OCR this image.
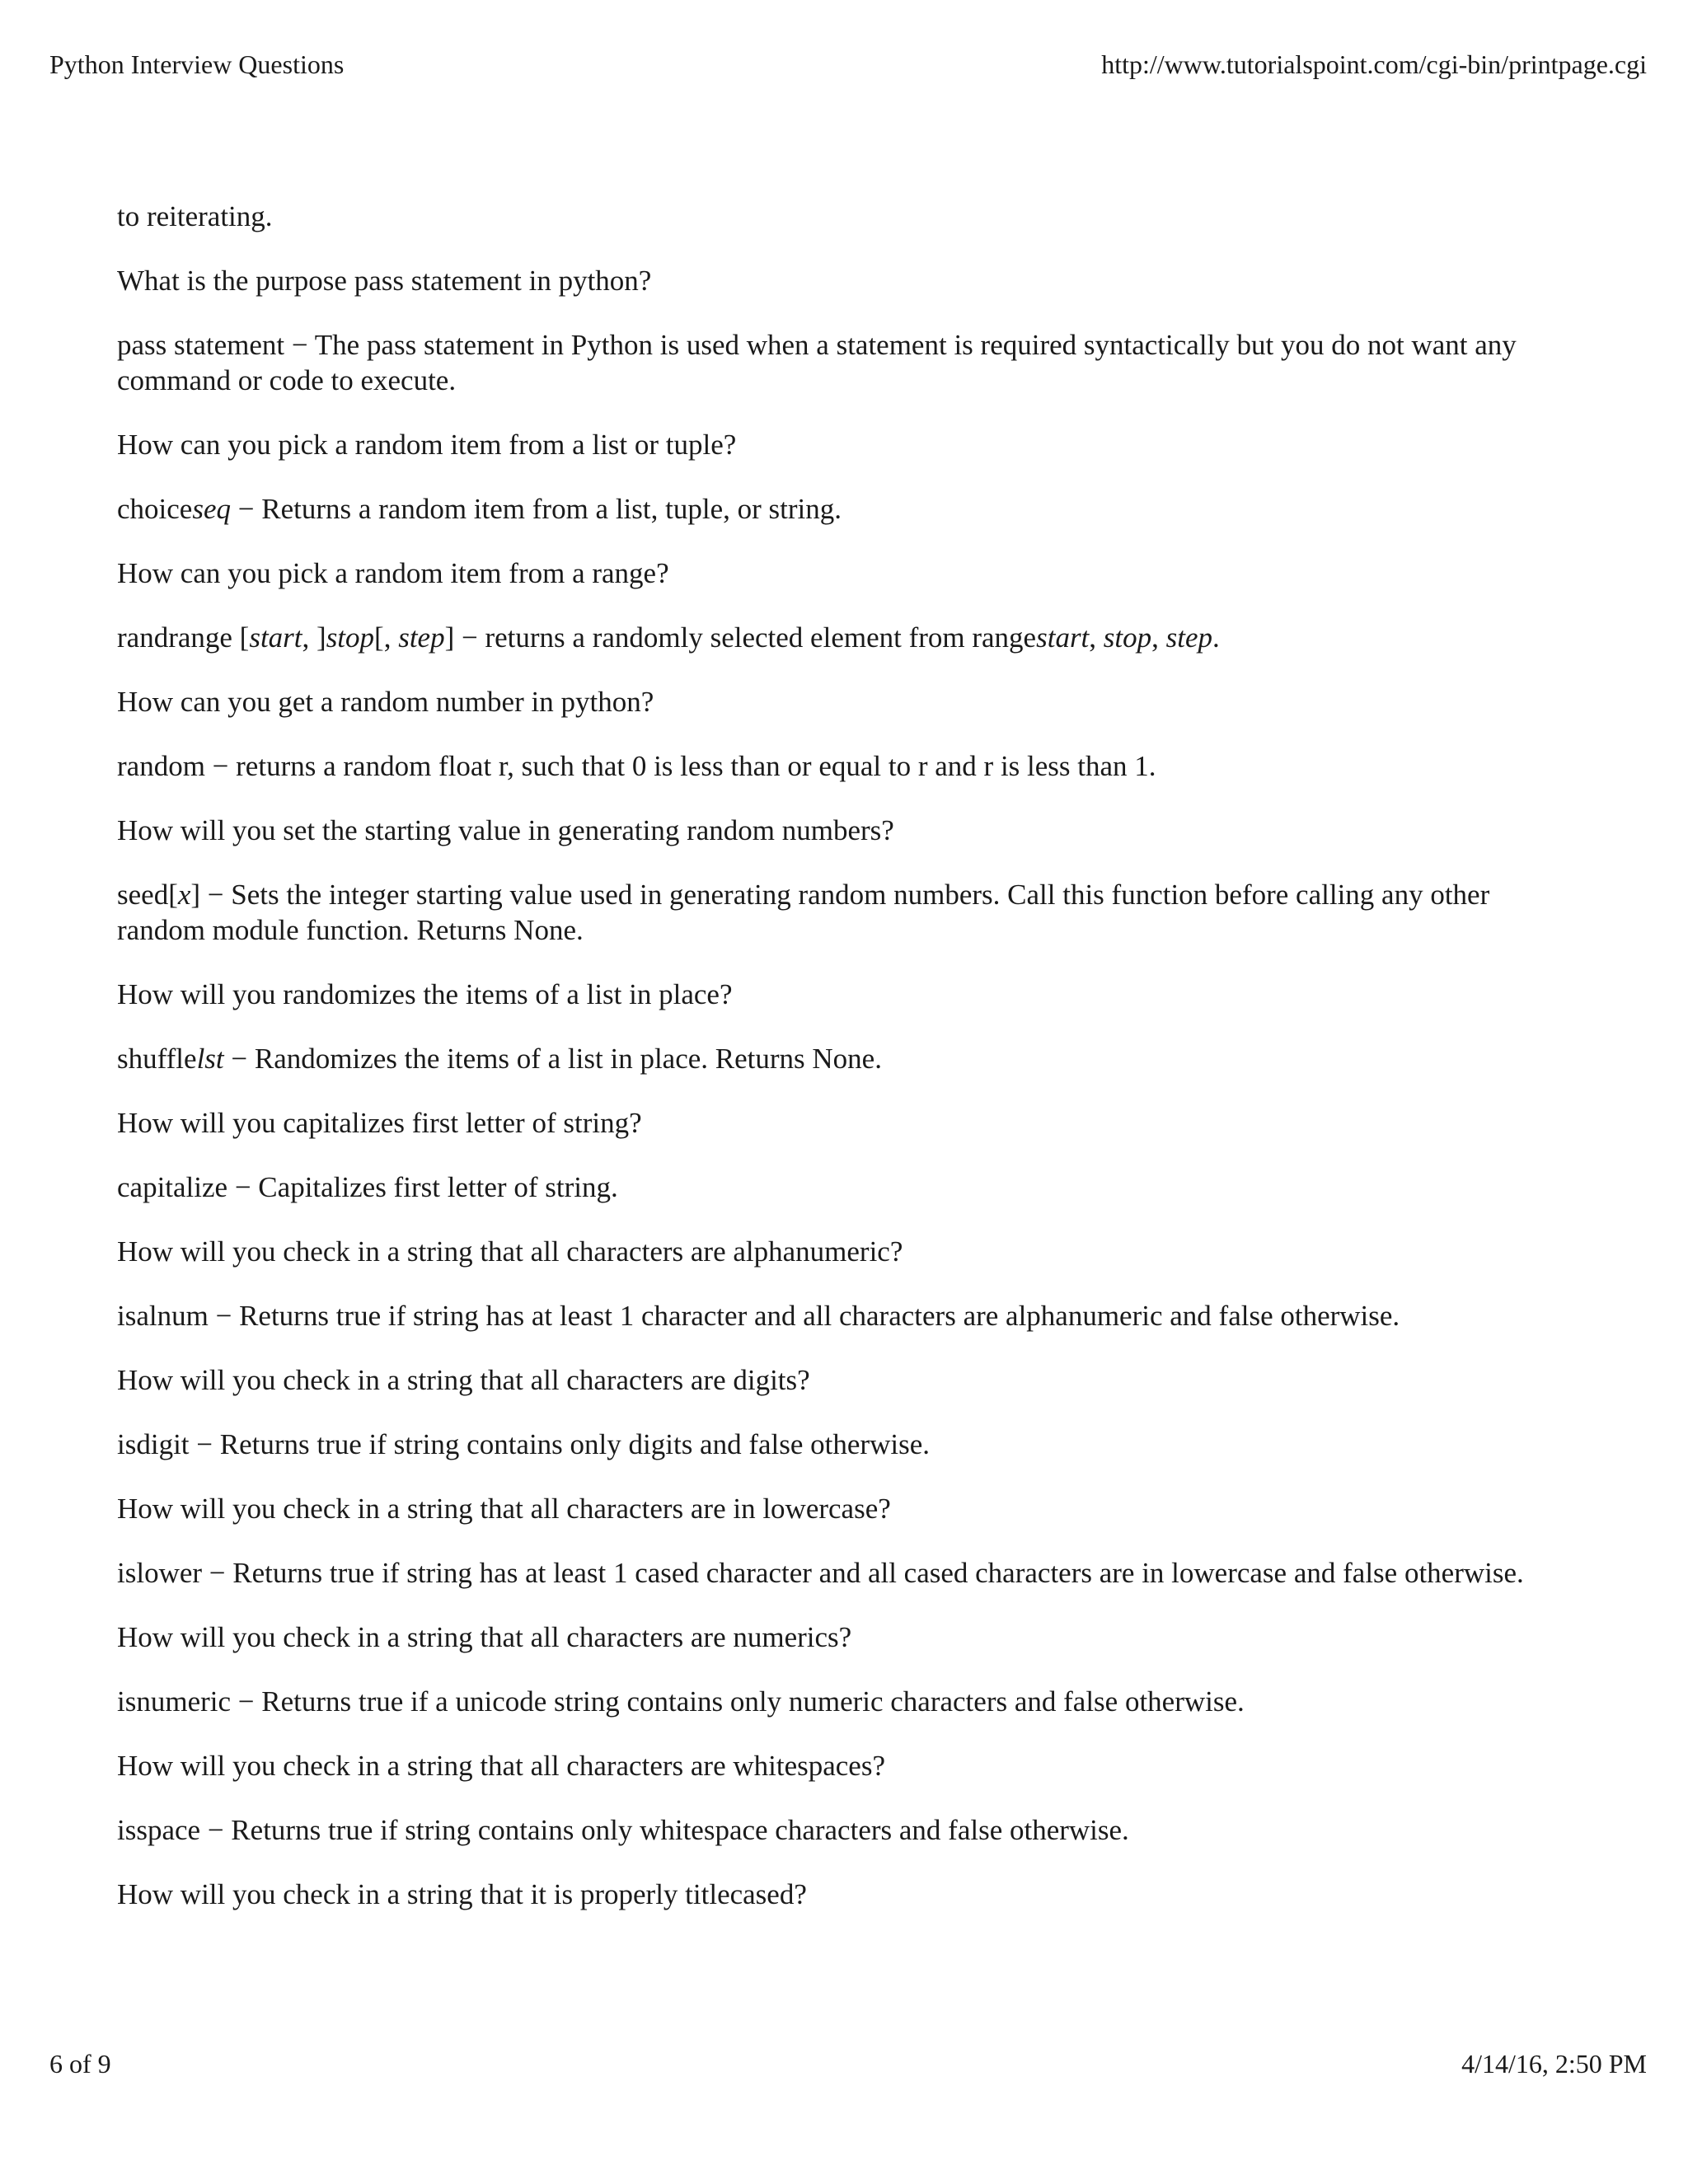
Python Interview Questions	http://www.tutorialspoint.com/cgi-bin/printpage.cgi

to reiterating.

What is the purpose pass statement in python?

pass statement − The pass statement in Python is used when a statement is required syntactically but you do not want any command or code to execute.

How can you pick a random item from a list or tuple?

choiceseq − Returns a random item from a list, tuple, or string.

How can you pick a random item from a range?

randrange [start, ]stop[, step] − returns a randomly selected element from rangestart, stop, step.

How can you get a random number in python?

random − returns a random float r, such that 0 is less than or equal to r and r is less than 1.

How will you set the starting value in generating random numbers?

seed[x] − Sets the integer starting value used in generating random numbers. Call this function before calling any other random module function. Returns None.

How will you randomizes the items of a list in place?

shufflelst − Randomizes the items of a list in place. Returns None.

How will you capitalizes first letter of string?

capitalize − Capitalizes first letter of string.

How will you check in a string that all characters are alphanumeric?

isalnum − Returns true if string has at least 1 character and all characters are alphanumeric and false otherwise.

How will you check in a string that all characters are digits?

isdigit − Returns true if string contains only digits and false otherwise.

How will you check in a string that all characters are in lowercase?

islower − Returns true if string has at least 1 cased character and all cased characters are in lowercase and false otherwise.

How will you check in a string that all characters are numerics?

isnumeric − Returns true if a unicode string contains only numeric characters and false otherwise.

How will you check in a string that all characters are whitespaces?

isspace − Returns true if string contains only whitespace characters and false otherwise.

How will you check in a string that it is properly titlecased?

6 of 9	4/14/16, 2:50 PM
